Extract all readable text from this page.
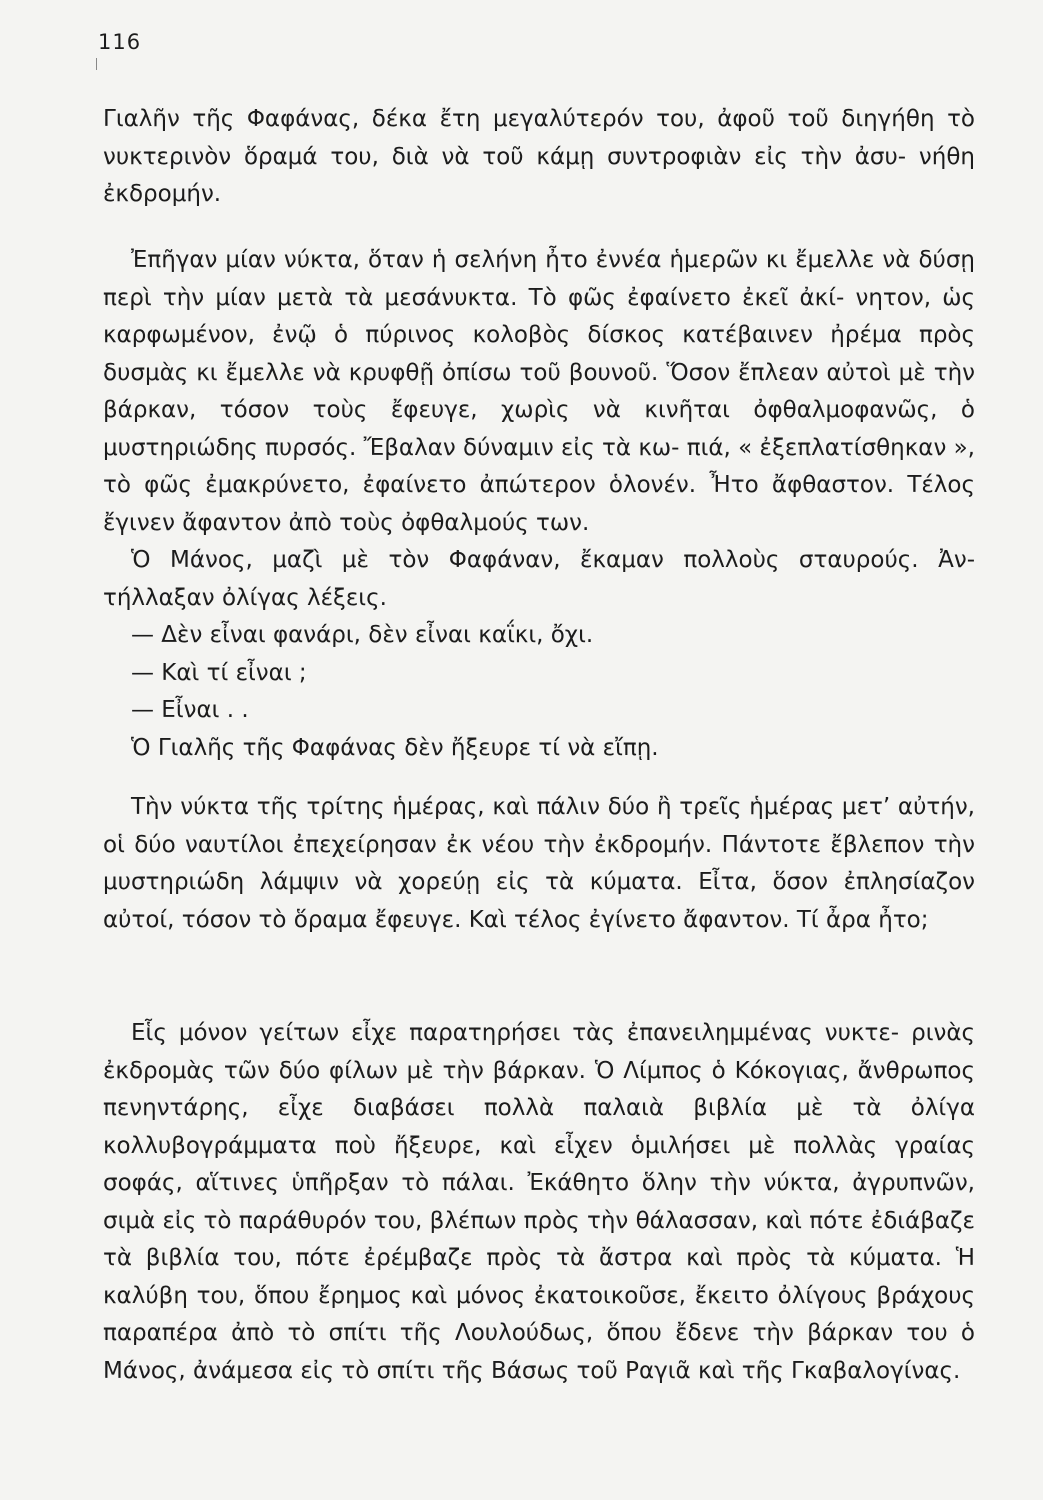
116

Γιαλῆν τῆς Φαφάνας, δέκα ἔτη μεγαλύτερόν του, ἀφοῦ τοῦ διηγήθη τὸ νυκτερινὸν ὅραμά του, διὰ νὰ τοῦ κάμῃ συντροφιὰν εἰς τὴν ἀσυ- νήθη ἐκδρομήν.

Ἐπῆγαν μίαν νύκτα, ὅταν ἡ σελήνη ἦτο ἐννέα ἡμερῶν κι ἔμελλε νὰ δύσῃ περὶ τὴν μίαν μετὰ τὰ μεσάνυκτα. Τὸ φῶς ἐφαίνετο ἐκεῖ ἀκί- νητον, ὡς καρφωμένον, ἐνῷ ὁ πύρινος κολοβὸς δίσκος κατέβαινεν ἠρέμα πρὸς δυσμὰς κι ἔμελλε νὰ κρυφθῇ ὀπίσω τοῦ βουνοῦ. Ὅσον ἔπλεαν αὐτοὶ μὲ τὴν βάρκαν, τόσον τοὺς ἔφευγε, χωρὶς νὰ κινῆται ὀφθαλμοφανῶς, ὁ μυστηριώδης πυρσός. Ἔβαλαν δύναμιν εἰς τὰ κω- πιά, « ἐξεπλατίσθηκαν », τὸ φῶς ἐμακρύνετο, ἐφαίνετο ἀπώτερον ὁλονέν. Ἦτο ἄφθαστον. Τέλος ἔγινεν ἄφαντον ἀπὸ τοὺς ὀφθαλμούς των.

Ὁ Μάνος, μαζὶ μὲ τὸν Φαφάναν, ἔκαμαν πολλοὺς σταυρούς. Ἀν- τήλλαξαν ὀλίγας λέξεις.

— Δὲν εἶναι φανάρι, δὲν εἶναι καΐκι, ὄχι.

— Καὶ τί εἶναι ;

— Εἶναι . .

Ὁ Γιαλῆς τῆς Φαφάνας δὲν ἤξευρε τί νὰ εἴπῃ.

Τὴν νύκτα τῆς τρίτης ἡμέρας, καὶ πάλιν δύο ἢ τρεῖς ἡμέρας μετ’ αὐτήν, οἱ δύο ναυτίλοι ἐπεχείρησαν ἐκ νέου τὴν ἐκδρομήν. Πάντοτε ἔβλεπον τὴν μυστηριώδη λάμψιν νὰ χορεύῃ εἰς τὰ κύματα. Εἶτα, ὅσον ἐπλησίαζον αὐτοί, τόσον τὸ ὅραμα ἔφευγε. Καὶ τέλος ἐγίνετο ἄφαντον. Τί ἆρα ἦτο;

Εἷς μόνον γείτων εἶχε παρατηρήσει τὰς ἐπανειλημμένας νυκτε- ρινὰς ἐκδρομὰς τῶν δύο φίλων μὲ τὴν βάρκαν. Ὁ Λίμπος ὁ Κόκογιας, ἄνθρωπος πενηντάρης, εἶχε διαβάσει πολλὰ παλαιὰ βιβλία μὲ τὰ ὀλίγα κολλυβογράμματα ποὺ ἤξευρε, καὶ εἶχεν ὁμιλήσει μὲ πολλὰς γραίας σοφάς, αἵτινες ὑπῆρξαν τὸ πάλαι. Ἐκάθητο ὅλην τὴν νύκτα, ἀγρυπνῶν, σιμὰ εἰς τὸ παράθυρόν του, βλέπων πρὸς τὴν θάλασσαν, καὶ πότε ἐδιάβαζε τὰ βιβλία του, πότε ἐρέμβαζε πρὸς τὰ ἄστρα καὶ πρὸς τὰ κύματα. Ἡ καλύβη του, ὅπου ἔρημος καὶ μόνος ἐκατοικοῦσε, ἔκειτο ὀλίγους βράχους παραπέρα ἀπὸ τὸ σπίτι τῆς Λουλούδως, ὅπου ἔδενε τὴν βάρκαν του ὁ Μάνος, ἀνάμεσα εἰς τὸ σπίτι τῆς Βάσως τοῦ Ραγιᾶ καὶ τῆς Γκαβαλογίνας.
